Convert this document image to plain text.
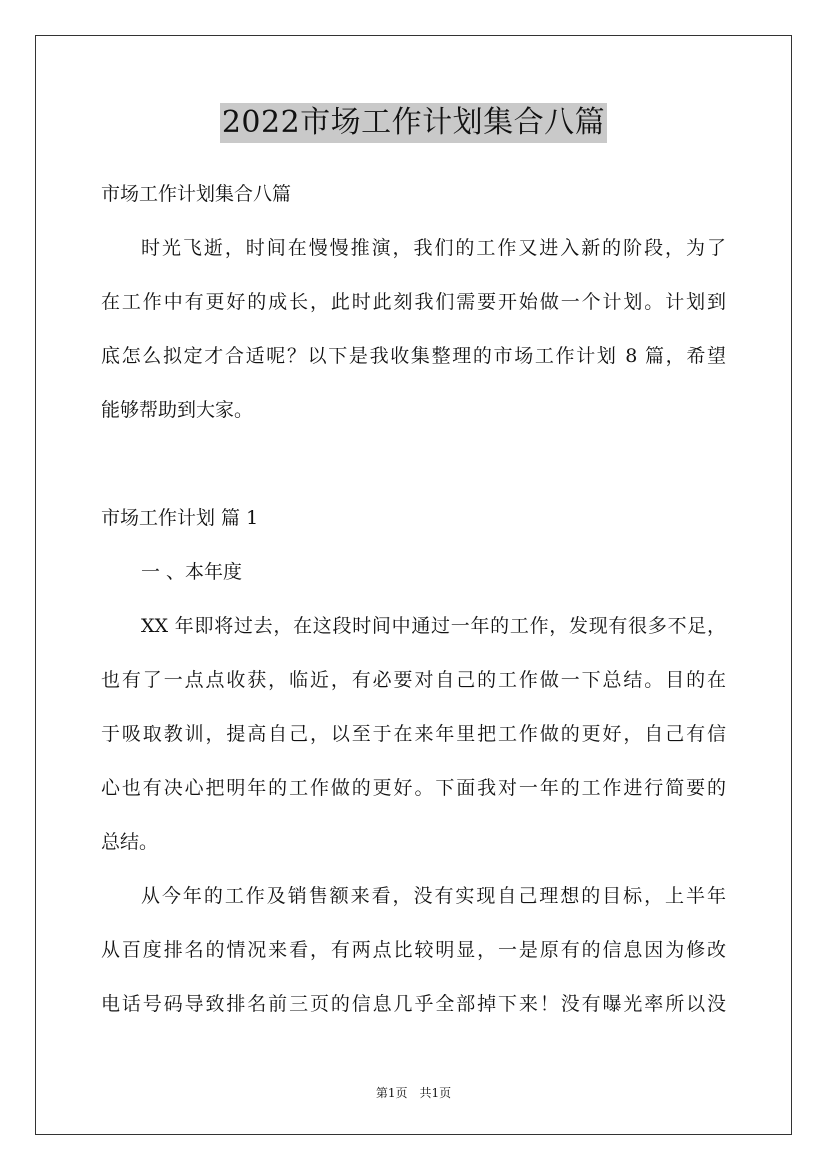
2022市场工作计划集合八篇
市场工作计划集合八篇
时光飞逝，时间在慢慢推演，我们的工作又进入新的阶段，为了
在工作中有更好的成长，此时此刻我们需要开始做一个计划。计划到
底怎么拟定才合适呢？以下是我收集整理的市场工作计划 8 篇，希望
能够帮助到大家。
市场工作计划 篇 1
一 、本年度
XX 年即将过去，在这段时间中通过一年的工作，发现有很多不足，
也有了一点点收获，临近，有必要对自己的工作做一下总结。目的在
于吸取教训，提高自己，以至于在来年里把工作做的更好，自己有信
心也有决心把明年的工作做的更好。下面我对一年的工作进行简要的
总结。
从今年的工作及销售额来看，没有实现自己理想的目标，上半年
从百度排名的情况来看，有两点比较明显，一是原有的信息因为修改
电话号码导致排名前三页的信息几乎全部掉下来！没有曝光率所以没
第1页　共1页
